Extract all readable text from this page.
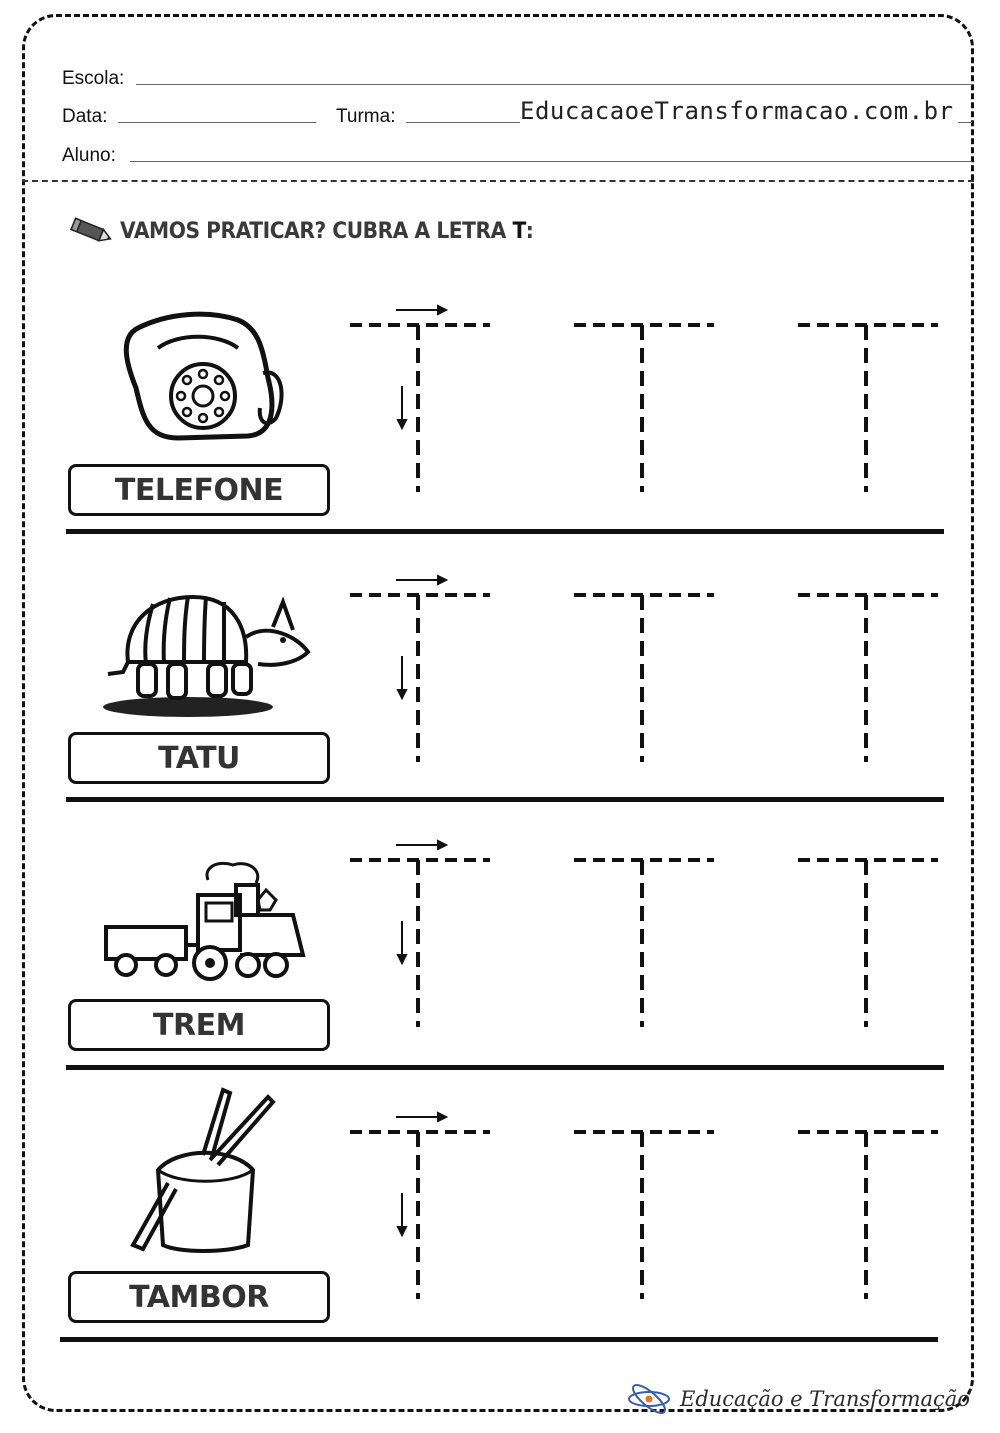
Escola:
Data:	Turma:	EducacaoeTransformacao.com.br
Aluno:
VAMOS PRATICAR? CUBRA A LETRA T:
TELEFONE
TATU
TREM
TAMBOR
Educação e Transformação
